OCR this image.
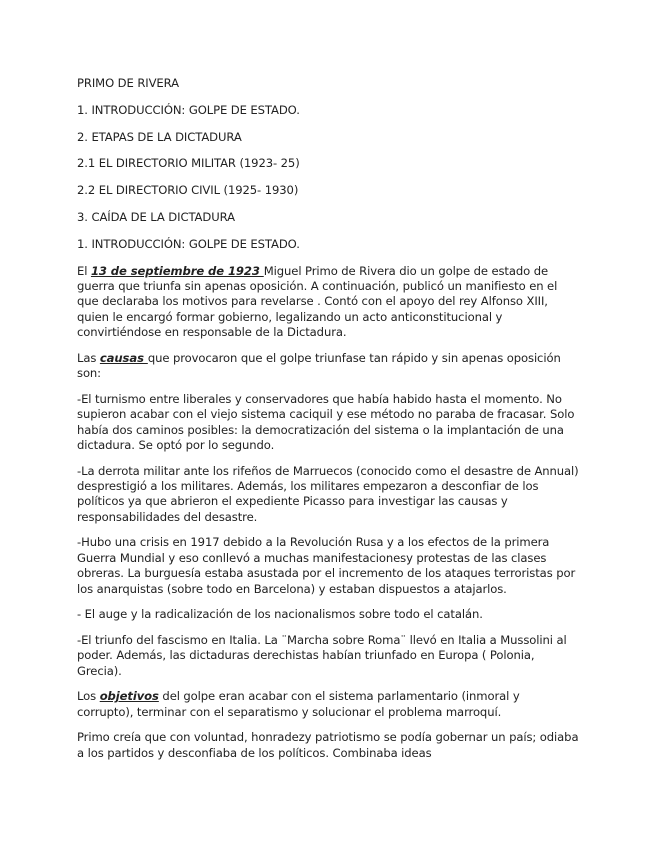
PRIMO DE RIVERA
1. INTRODUCCIÓN: GOLPE DE ESTADO.
2. ETAPAS DE LA DICTADURA
2.1 EL DIRECTORIO MILITAR (1923- 25)
2.2 EL DIRECTORIO CIVIL (1925- 1930)
3. CAÍDA DE LA DICTADURA
1. INTRODUCCIÓN: GOLPE DE ESTADO.
El 13 de septiembre de 1923 Miguel Primo de Rivera dio un golpe de estado de guerra que triunfa sin apenas oposición. A continuación, publicó un manifiesto en el que declaraba los motivos para revelarse . Contó con el apoyo del rey Alfonso XIII, quien le encargó formar gobierno, legalizando un acto anticonstitucional y convirtiéndose en responsable de la Dictadura.
Las causas que provocaron que el golpe triunfase tan rápido y sin apenas oposición son:
-El turnismo entre liberales y conservadores que había habido hasta el momento. No supieron acabar con el viejo sistema caciquil y ese método no paraba de fracasar. Solo había dos caminos posibles: la democratización del sistema o la implantación de una dictadura. Se optó por lo segundo.
-La derrota militar ante los rifeños de Marruecos (conocido como el desastre de Annual) desprestigió a los militares. Además, los militares empezaron a desconfiar de los políticos ya que abrieron el expediente Picasso para investigar las causas y responsabilidades del desastre.
-Hubo una crisis en 1917 debido a la Revolución Rusa y a los efectos de la primera Guerra Mundial y eso conllevó a muchas manifestacionesy protestas de las clases obreras. La burguesía estaba asustada por el incremento de los ataques terroristas por los anarquistas (sobre todo en Barcelona) y estaban dispuestos a atajarlos.
- El auge y la radicalización de los nacionalismos sobre todo el catalán.
-El triunfo del fascismo en Italia. La ¨Marcha sobre Roma¨ llevó en Italia a Mussolini al poder. Además, las dictaduras derechistas habían triunfado en Europa ( Polonia, Grecia).
Los objetivos del golpe eran acabar con el sistema parlamentario (inmoral y corrupto), terminar con el separatismo y solucionar el problema marroquí.
Primo creía que con voluntad, honradezy patriotismo se podía gobernar un país; odiaba a los partidos y desconfiaba de los políticos. Combinaba ideas
